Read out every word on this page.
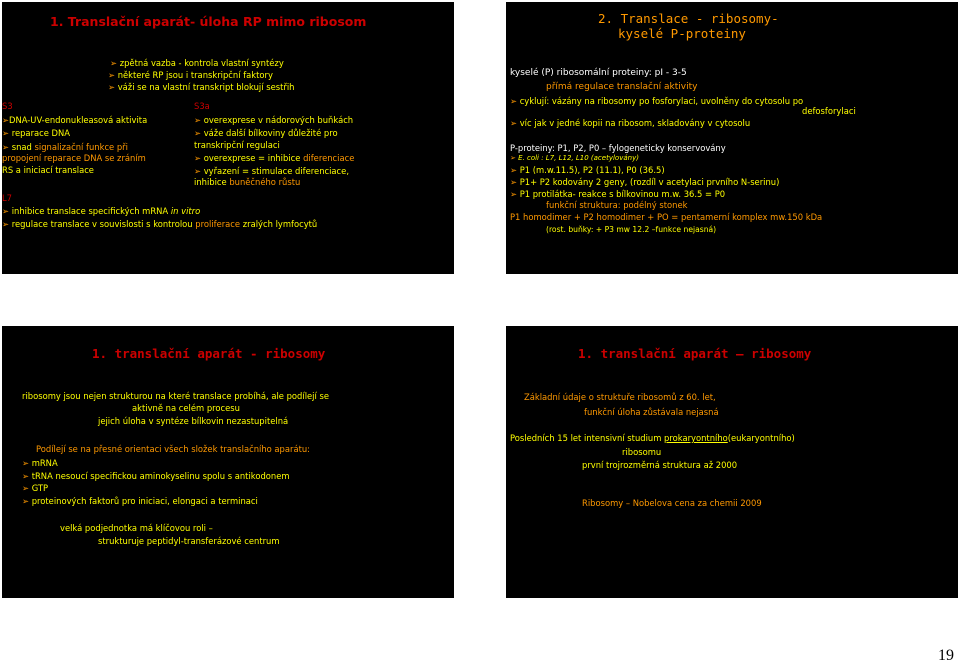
1. Translační aparát- úloha RP mimo ribosom
➢ zpětná vazba - kontrola vlastní syntézy
➢ některé RP jsou i transkripční faktory
➢ váži se na vlastní transkript blokují sestřih
S3
➢DNA-UV-endonukleasová aktivita
➢ reparace DNA
➢ snad signalizační funkce při
propojení reparace DNA se zráním
RS a iniciací translace
S3a
➢ overexprese v nádorových buňkách
➢ váže další bílkoviny důležité pro
transkripční regulaci
➢ overexprese = inhibice diferenciace
➢ vyřazení = stimulace diferenciace,
inhibice buněčného růstu
L7
➢ inhibice translace specifických mRNA in vitro
➢ regulace translace v souvislosti s kontrolou proliferace zralých lymfocytů
2. Translace - ribosomy-
kyselé P-proteiny
kyselé (P) ribosomální proteiny: pI - 3-5
přímá regulace translační aktivity
➢ cyklují: vázány na ribosomy po fosforylaci, uvolněny do cytosolu po
defosforylaci
➢ víc jak v jedné kopii na ribosom, skladovány v cytosolu
P-proteiny: P1, P2, P0 – fylogeneticky konservovány
➢ E. coli : L7, L12, L10 (acetylovány)
➢ P1 (m.w.11.5), P2 (11.1), P0 (36.5)
➢ P1+ P2 kodovány 2 geny, (rozdíl v acetylaci prvního N-serinu)
➢ P1 protilátka- reakce s bílkovinou m.w. 36.5 = P0
funkční struktura: podélný stonek
P1 homodimer + P2 homodimer + PO = pentamerní komplex mw.150 kDa
(rost. buňky: + P3 mw 12.2 –funkce nejasná)
1. translační aparát - ribosomy
ribosomy jsou nejen strukturou na které translace probíhá, ale podílejí se
aktivně na celém procesu
jejich úloha v syntéze bílkovin nezastupitelná
Podílejí se na přesné orientaci všech složek translačního aparátu:
➢ mRNA
➢ tRNA nesoucí specifickou aminokyselinu spolu s antikodonem
➢ GTP
➢ proteinových faktorů pro iniciaci, elongaci a terminaci
velká podjednotka má klíčovou roli –
strukturuje peptidyl-transferázové centrum
1. translační aparát – ribosomy
Základní údaje o struktuře ribosomů z 60. let,
funkční úloha zůstávala nejasná
Posledních 15 let intensivní studium prokaryontního(eukaryontního)
ribosomu
první trojrozměrná struktura až 2000
Ribosomy – Nobelova cena za chemii 2009
19
